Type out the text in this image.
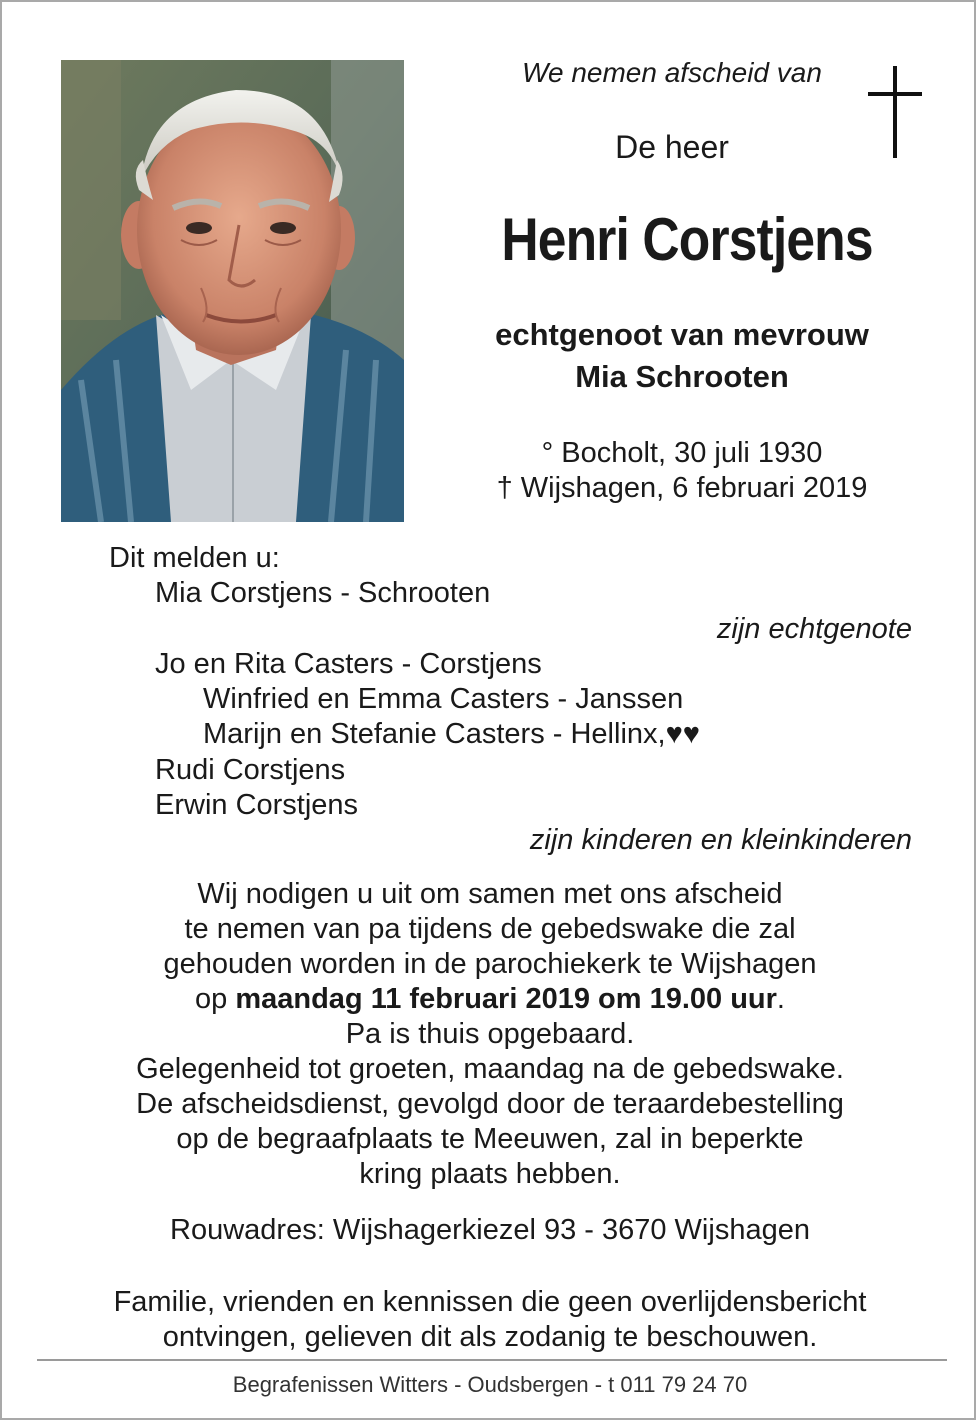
We nemen afscheid van
De heer
Henri Corstjens
echtgenoot van mevrouw
Mia Schrooten
° Bocholt, 30 juli 1930
† Wijshagen, 6 februari 2019
Dit melden u:
Mia Corstjens - Schrooten
zijn echtgenote
Jo en Rita Casters - Corstjens
Winfried en Emma Casters - Janssen
Marijn en Stefanie Casters - Hellinx,♥♥
Rudi Corstjens
Erwin Corstjens
zijn kinderen en kleinkinderen
Wij nodigen u uit om samen met ons afscheid
te nemen van pa tijdens de gebedswake die zal
gehouden worden in de parochiekerk te Wijshagen
op maandag 11 februari 2019 om 19.00 uur.
Pa is thuis opgebaard.
Gelegenheid tot groeten, maandag na de gebedswake.
De afscheidsdienst, gevolgd door de teraardebestelling
op de begraafplaats te Meeuwen, zal in beperkte
kring plaats hebben.
Rouwadres: Wijshagerkiezel 93 - 3670 Wijshagen
Familie, vrienden en kennissen die geen overlijdensbericht
ontvingen, gelieven dit als zodanig te beschouwen.
Begrafenissen Witters - Oudsbergen - t 011 79 24 70
